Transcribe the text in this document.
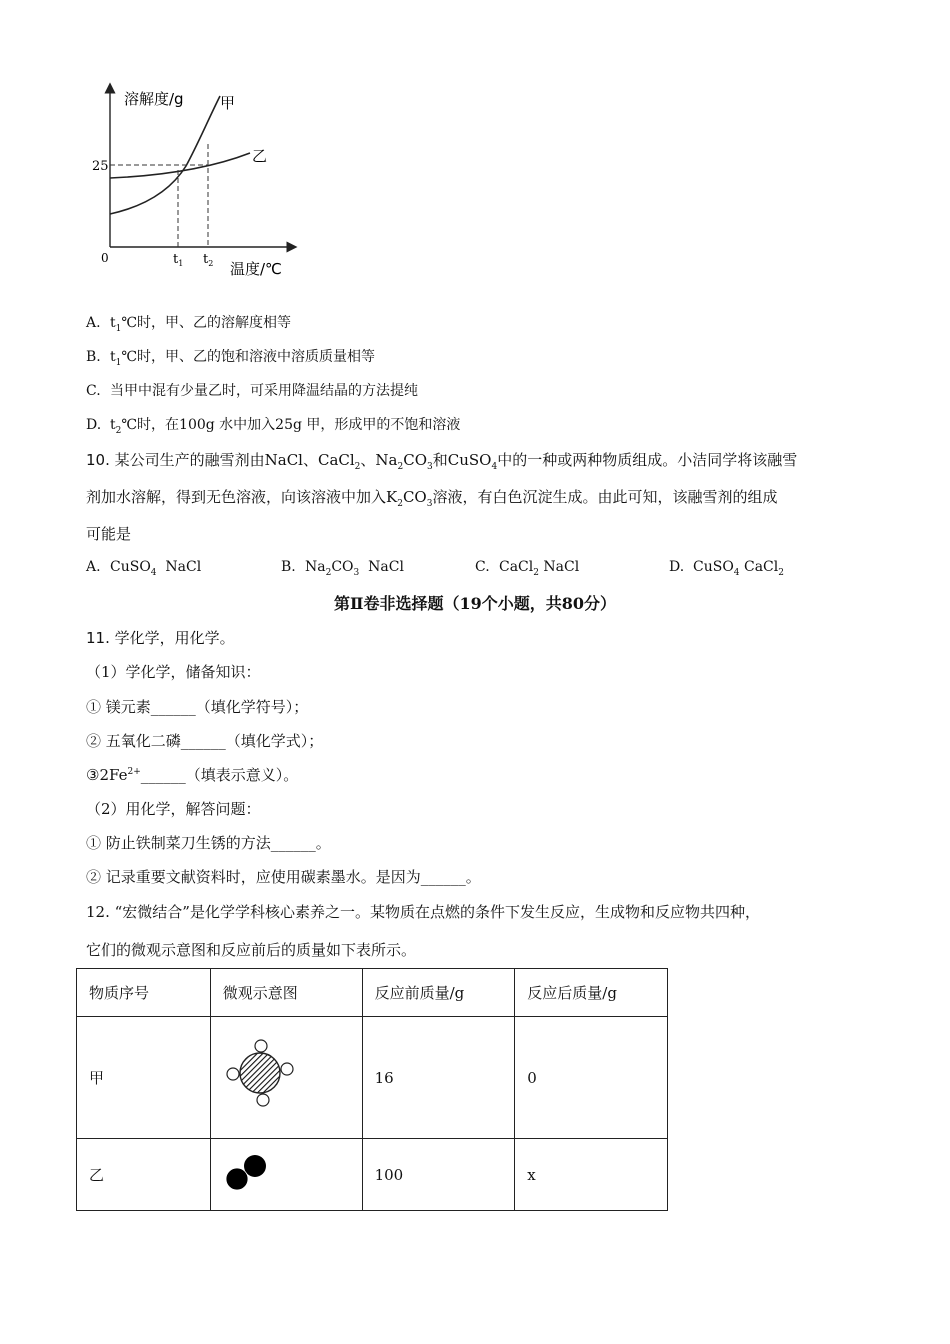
溶解度/g 甲
乙
25
0	$t_1$ $t_2$ 温度/℃
A. $t_1℃$时，甲、乙的溶解度相等
B. $t_1℃$时，甲、乙的饱和溶液中溶质质量相等
C. 当甲中混有少量乙时，可采用降温结晶的方法提纯
D. $t_2℃$时，在100g 水中加入25g 甲，形成甲的不饱和溶液
10. 某公司生产的融雪剂由NaCl、CaCl$_2$、$Na_2CO_3$和CuSO$_4$中的一种或两种物质组成。小洁同学将该融雪
剂加水溶解，得到无色溶液，向该溶液中加入$K_2CO_3$溶液，有白色沉淀生成。由此可知，该融雪剂的组成
可能是
A. CuSO$_4$  NaCl	B. $Na_2CO_3$  NaCl	C. CaCl$_2$ NaCl	D. CuSO$_4$ CaCl$_2$
第Ⅱ卷非选择题（19个小题，共80分）
11. 学化学，用化学。
（1）学化学，储备知识：
① 镁元素______（填化学符号）；
② 五氧化二磷______（填化学式）；
$③2Fe^{2+}\_\_\_\_\_\_$（填表示意义）。
（2）用化学，解答问题：
① 防止铁制菜刀生锈的方法______。
② 记录重要文献资料时，应使用碳素墨水。是因为______。
12. “宏微结合”是化学学科核心素养之一。某物质在点燃的条件下发生反应，生成物和反应物共四种，
它们的微观示意图和反应前后的质量如下表所示。
物质序号	微观示意图	反应前质量/g	反应后质量/g
甲		16	0
乙		100	x
